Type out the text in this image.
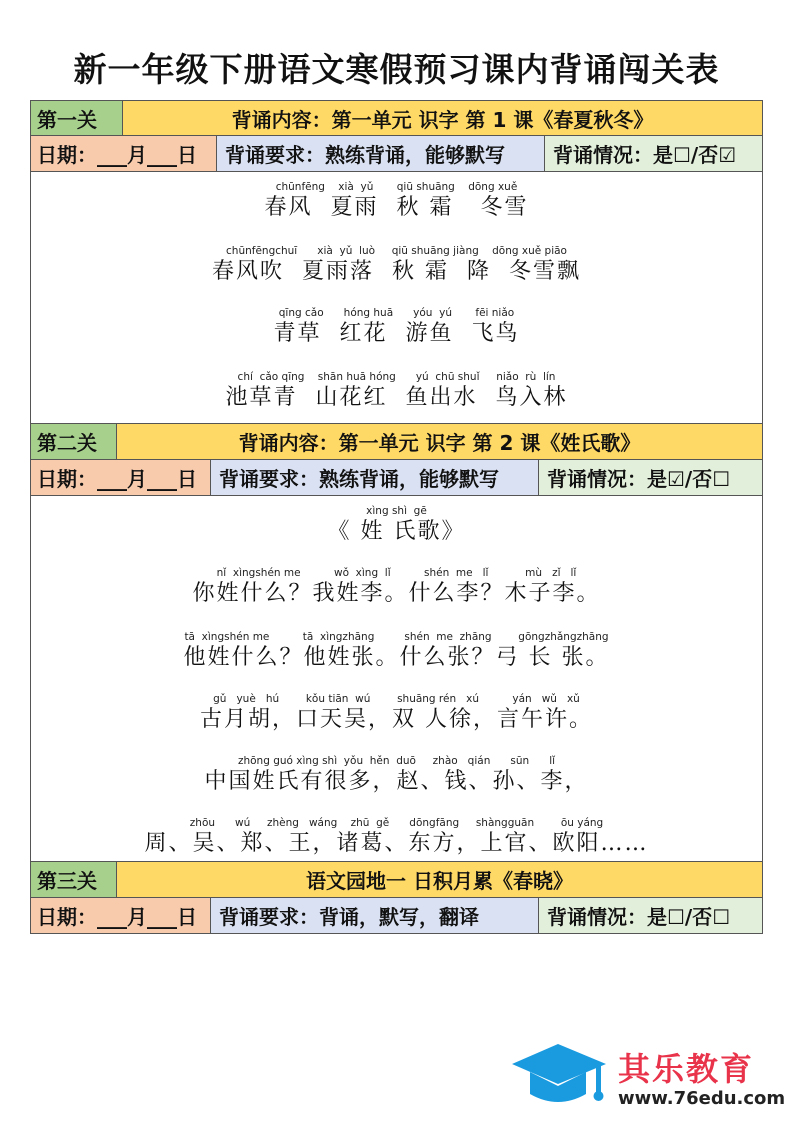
新一年级下册语文寒假预习课内背诵闯关表
第一关	背诵内容：第一单元 识字 第 1 课《春夏秋冬》
日期：___月___日	背诵要求：熟练背诵，能够默写	背诵情况：是☐/否☑
chūnfēng    xià  yǔ       qiū shuāng    dōng xuě
春风  夏雨  秋 霜   冬雪
chūnfēngchuī      xià  yǔ  luò     qiū shuāng jiàng    dōng xuě piāo
春风吹  夏雨落  秋 霜  降  冬雪飘
qīng cǎo      hóng huā      yóu  yú       fēi niǎo
青草  红花  游鱼  飞鸟
chí  cǎo qīng    shān huā hóng      yú  chū shuǐ     niǎo  rù  lín
池草青  山花红  鱼出水  鸟入林
第二关	背诵内容：第一单元 识字 第 2 课《姓氏歌》
日期：___月___日	背诵要求：熟练背诵，能够默写	背诵情况：是☑/否☐
xìng shì  gē
《 姓 氏歌》
nǐ  xìngshén me          wǒ  xìng  lǐ          shén  me   lǐ           mù   zǐ   lǐ
你姓什么？我姓李。什么李？木子李。
tā  xìngshén me          tā  xìngzhāng         shén  me  zhāng        gōngzhǎngzhāng
他姓什么？他姓张。什么张？弓 长 张。
gǔ   yuè   hú        kǒu tiān  wú        shuāng rén   xú          yán   wǔ   xǔ
古月胡，口天吴，双 人徐，言午许。
zhōng guó xìng shì  yǒu  hěn  duō     zhào   qián      sūn      lǐ
中国姓氏有很多，赵、钱、孙、李，
zhōu      wú     zhèng   wáng    zhū  gě      dōngfāng     shàngguān        ōu yáng
周、吴、郑、王，诸葛、东方，上官、欧阳……
第三关	语文园地一 日积月累《春晓》
日期：___月___日	背诵要求：背诵，默写，翻译	背诵情况：是☐/否☐
其乐教育
www.76edu.com
